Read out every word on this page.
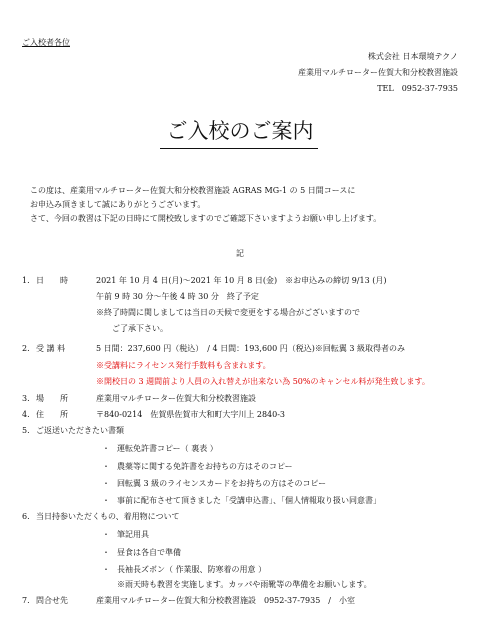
ご入校者各位
株式会社 日本環境テクノ
産業用マルチローター佐賀大和分校教習施設
TEL　0952-37-7935
ご入校のご案内
この度は、産業用マルチローター佐賀大和分校教習施設 AGRAS MG-1 の 5 日間コースに
お申込み頂きまして誠にありがとうございます。
さて、今回の教習は下記の日時にて開校致しますのでご確認下さいますようお願い申し上げます。
記
1. 日　　時	2021 年 10 月 4 日(月)～2021 年 10 月 8 日(金)　※お申込みの締切 9/13 (月)
午前 9 時 30 分～午後 4 時 30 分　終了予定
※終了時間に関しましては当日の天候で変更をする場合がございますので
ご了承下さい。
2. 受 講 料	5 日間：237,600 円（税込）　/ 4 日間：193,600 円（税込)※回転翼 3 級取得者のみ
※受講料にライセンス発行手数料も含まれます。
※開校日の 3 週間前より人員の入れ替えが出来ない為 50%のキャンセル料が発生致します。
3. 場　　所	産業用マルチローター佐賀大和分校教習施設
4. 住　　所	〒840-0214　佐賀県佐賀市大和町大字川上 2840-3
5. ご返送いただきたい書類
・ 運転免許書コピー（ 裏表 ）
・ 農薬等に関する免許書をお持ちの方はそのコピー
・ 回転翼 3 級のライセンスカードをお持ちの方はそのコピー
・ 事前に配布させて頂きました「受講申込書」、「個人情報取り扱い同意書」
6. 当日持参いただくもの、着用物について
・ 筆記用具
・ 昼食は各自で準備
・ 長袖長ズボン（ 作業服、防寒着の用意 ）
※雨天時も教習を実施します。カッパや雨靴等の準備をお願いします。
7. 問合せ先	産業用マルチローター佐賀大和分校教習施設　0952-37-7935　/　小室
